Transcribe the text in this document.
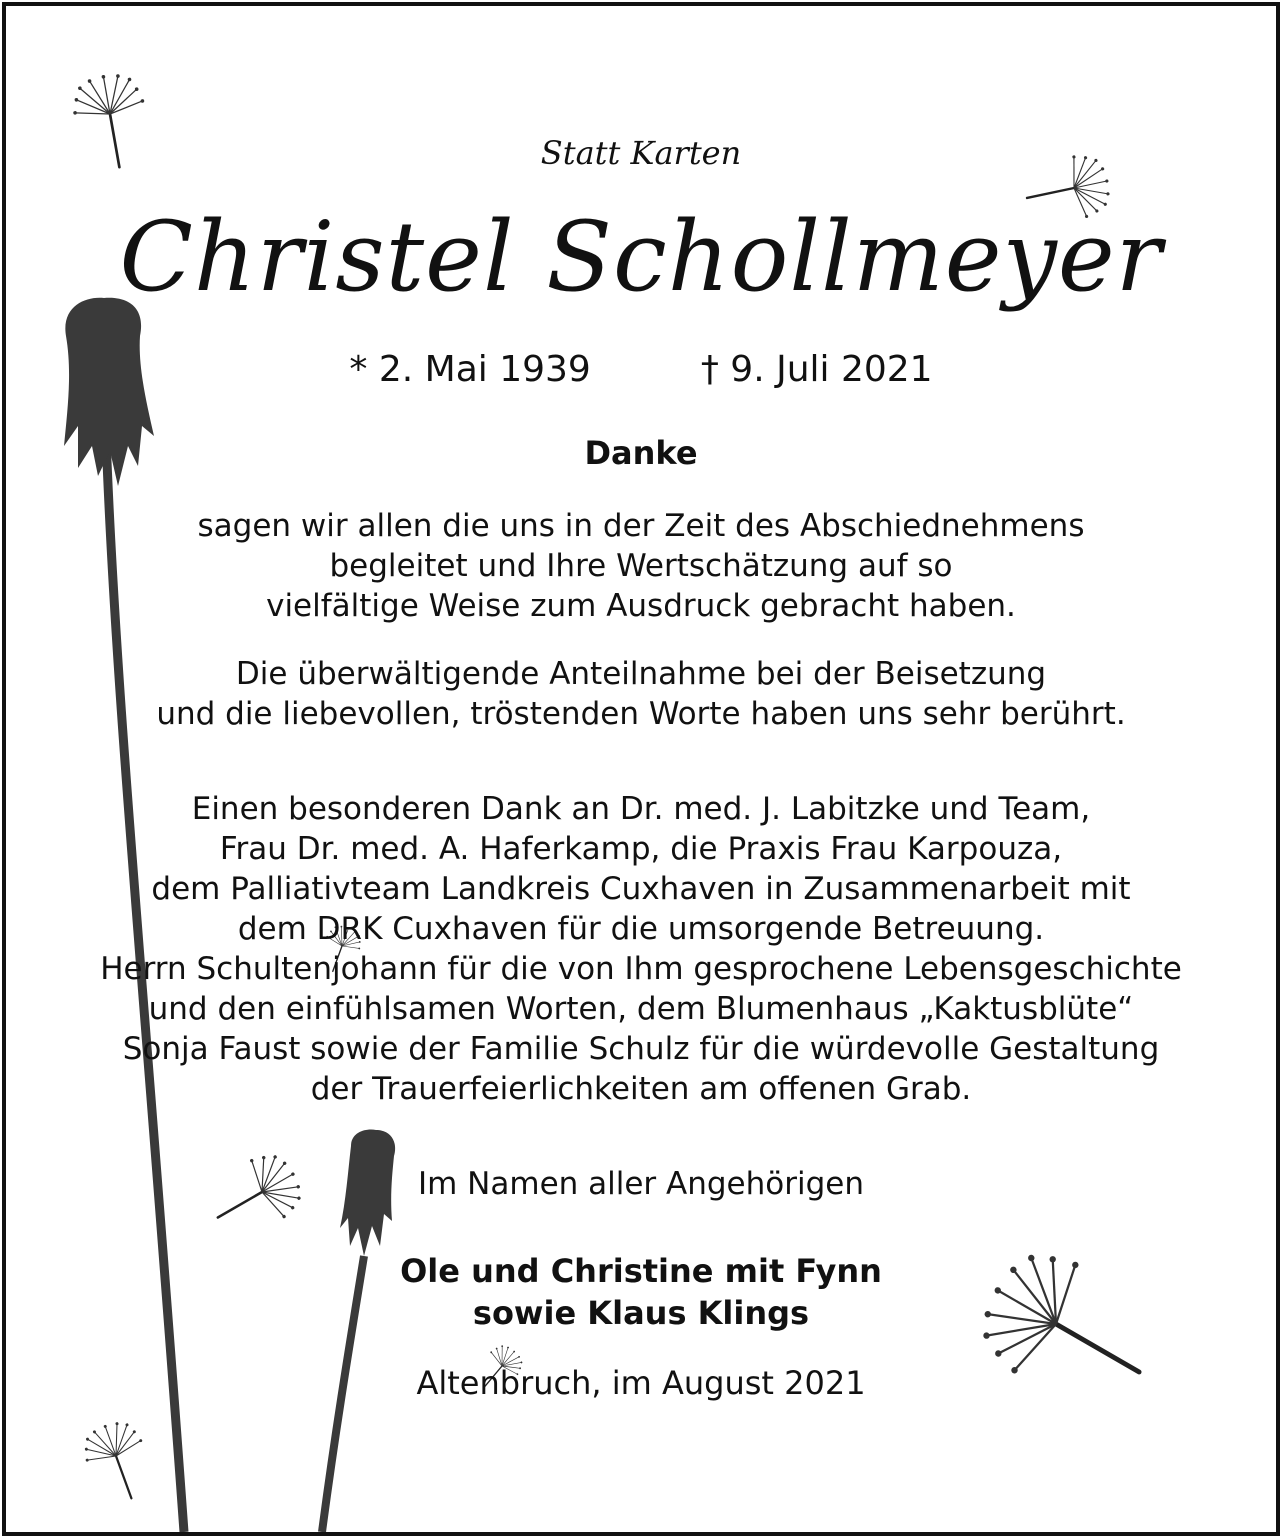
Statt Karten
Christel Schollmeyer
* 2. Mai 1939	† 9. Juli 2021
Danke
sagen wir allen die uns in der Zeit des Abschiednehmens
begleitet und Ihre Wertschätzung auf so
vielfältige Weise zum Ausdruck gebracht haben.
Die überwältigende Anteilnahme bei der Beisetzung
und die liebevollen, tröstenden Worte haben uns sehr berührt.
Einen besonderen Dank an Dr. med. J. Labitzke und Team,
Frau Dr. med. A. Haferkamp, die Praxis Frau Karpouza,
dem Palliativteam Landkreis Cuxhaven in Zusammenarbeit mit
dem DRK Cuxhaven für die umsorgende Betreuung.
Herrn Schultenjohann für die von Ihm gesprochene Lebensgeschichte
und den einfühlsamen Worten, dem Blumenhaus „Kaktusblüte“
Sonja Faust sowie der Familie Schulz für die würdevolle Gestaltung
der Trauerfeierlichkeiten am offenen Grab.
Im Namen aller Angehörigen
Ole und Christine mit Fynn
sowie Klaus Klings
Altenbruch, im August 2021
